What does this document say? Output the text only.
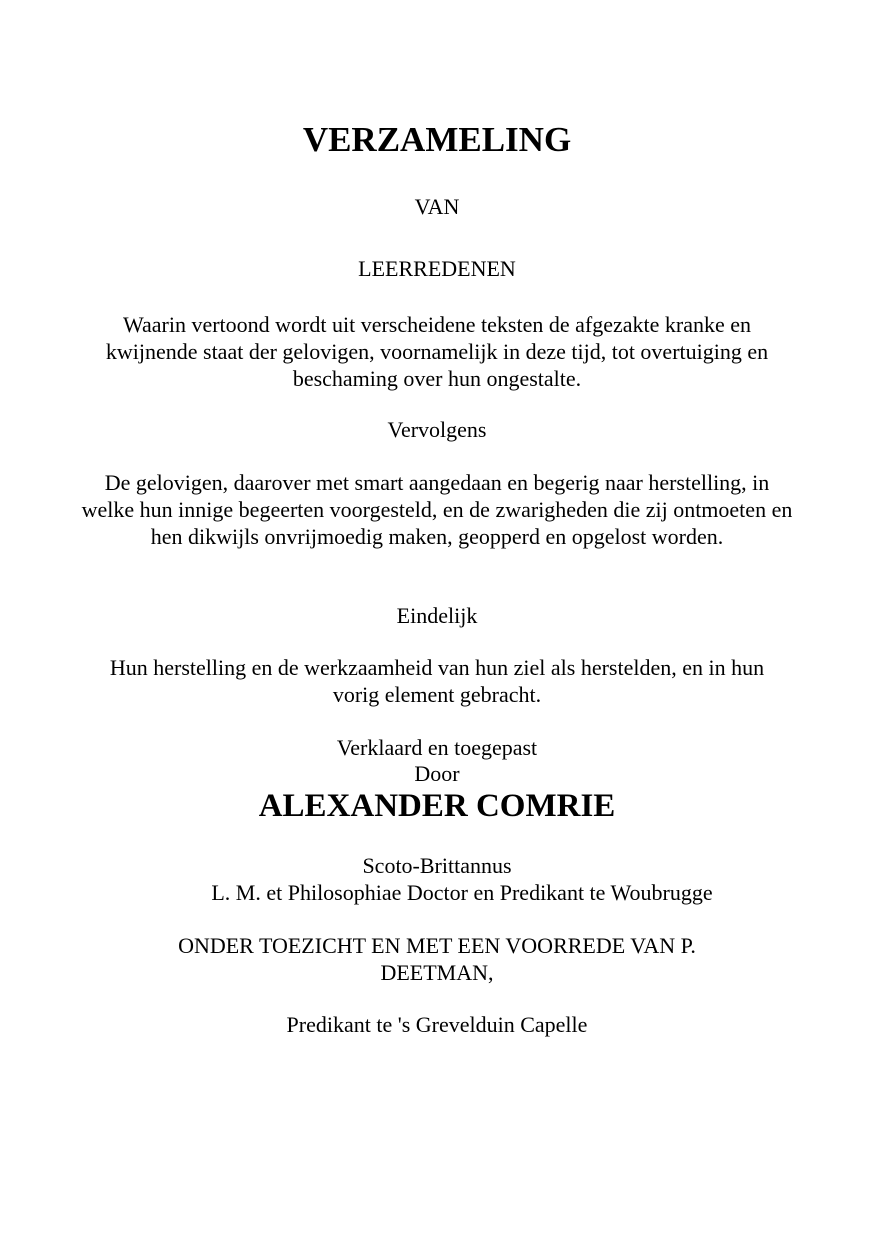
VERZAMELING
VAN
LEERREDENEN
Waarin vertoond wordt uit verscheidene teksten de afgezakte kranke en kwijnende staat der gelovigen, voornamelijk in deze tijd, tot overtuiging en beschaming over hun ongestalte.
Vervolgens
De gelovigen, daarover met smart aangedaan en begerig naar herstelling, in welke hun innige begeerten voorgesteld, en de zwarigheden die zij ontmoeten en hen dikwijls onvrijmoedig maken, geopperd en opgelost worden.
Eindelijk
Hun herstelling en de werkzaamheid van hun ziel als herstelden, en in hun vorig element gebracht.
Verklaard en toegepast
Door
ALEXANDER COMRIE
Scoto-Brittannus
L. M. et Philosophiae Doctor en Predikant te Woubrugge
ONDER TOEZICHT EN MET EEN VOORREDE VAN P. DEETMAN,
Predikant te 's Grevelduin Capelle
